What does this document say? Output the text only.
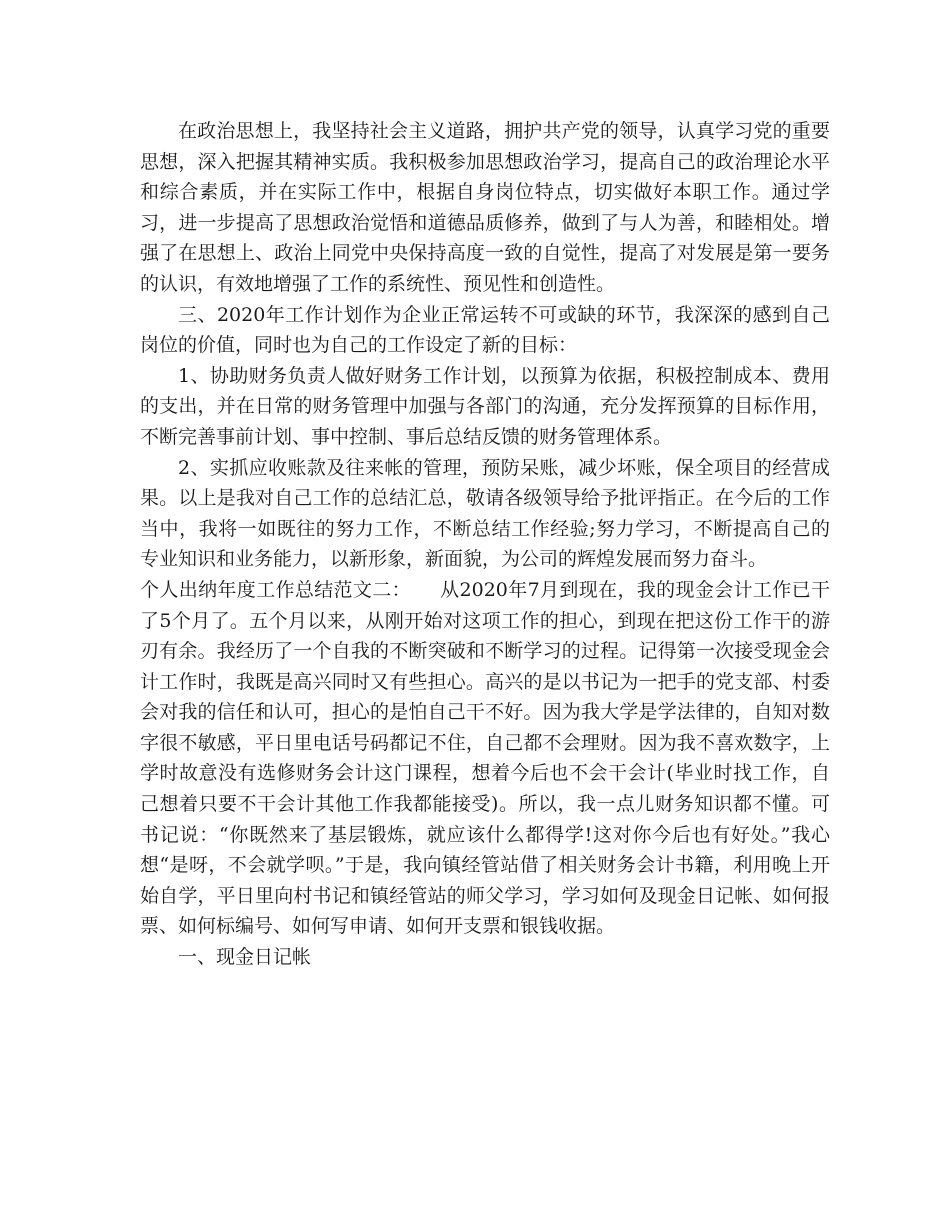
在政治思想上，我坚持社会主义道路，拥护共产党的领导，认真学习党的重要思想，深入把握其精神实质。我积极参加思想政治学习，提高自己的政治理论水平和综合素质，并在实际工作中，根据自身岗位特点，切实做好本职工作。通过学习，进一步提高了思想政治觉悟和道德品质修养，做到了与人为善，和睦相处。增强了在思想上、政治上同党中央保持高度一致的自觉性，提高了对发展是第一要务的认识，有效地增强了工作的系统性、预见性和创造性。

三、2020年工作计划作为企业正常运转不可或缺的环节，我深深的感到自己岗位的价值，同时也为自己的工作设定了新的目标：

1、协助财务负责人做好财务工作计划，以预算为依据，积极控制成本、费用的支出，并在日常的财务管理中加强与各部门的沟通，充分发挥预算的目标作用，不断完善事前计划、事中控制、事后总结反馈的财务管理体系。

2、实抓应收账款及往来帐的管理，预防呆账，减少坏账，保全项目的经营成果。以上是我对自己工作的总结汇总，敬请各级领导给予批评指正。在今后的工作当中，我将一如既往的努力工作，不断总结工作经验;努力学习，不断提高自己的专业知识和业务能力，以新形象，新面貌，为公司的辉煌发展而努力奋斗。

个人出纳年度工作总结范文二：　　从2020年7月到现在，我的现金会计工作已干了5个月了。五个月以来，从刚开始对这项工作的担心，到现在把这份工作干的游刃有余。我经历了一个自我的不断突破和不断学习的过程。记得第一次接受现金会计工作时，我既是高兴同时又有些担心。高兴的是以书记为一把手的党支部、村委会对我的信任和认可，担心的是怕自己干不好。因为我大学是学法律的，自知对数字很不敏感，平日里电话号码都记不住，自己都不会理财。因为我不喜欢数字，上学时故意没有选修财务会计这门课程，想着今后也不会干会计(毕业时找工作，自己想着只要不干会计其他工作我都能接受)。所以，我一点儿财务知识都不懂。可书记说：“你既然来了基层锻炼，就应该什么都得学!这对你今后也有好处。”我心想“是呀，不会就学呗。”于是，我向镇经管站借了相关财务会计书籍，利用晚上开始自学，平日里向村书记和镇经管站的师父学习，学习如何及现金日记帐、如何报票、如何标编号、如何写申请、如何开支票和银钱收据。

一、现金日记帐
